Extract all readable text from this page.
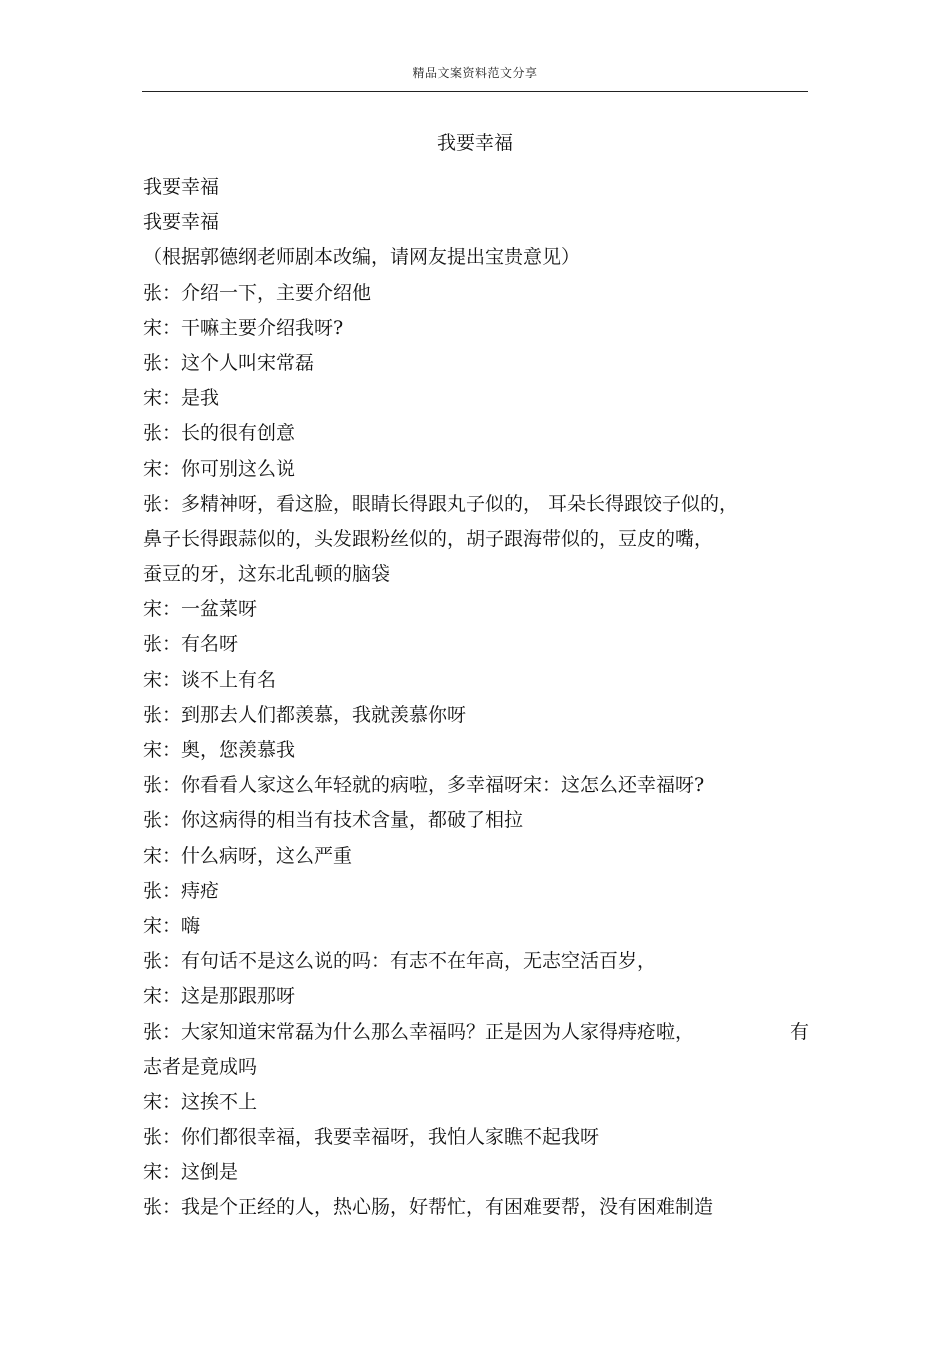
精品文案资料范文分享
我要幸福
我要幸福
我要幸福
（根据郭德纲老师剧本改编，请网友提出宝贵意见）
张：介绍一下，主要介绍他
宋：干嘛主要介绍我呀?
张：这个人叫宋常磊
宋：是我
张：长的很有创意
宋：你可别这么说
张：多精神呀，看这脸，眼睛长得跟丸子似的， 耳朵长得跟饺子似的，
鼻子长得跟蒜似的，头发跟粉丝似的，胡子跟海带似的，豆皮的嘴，
蚕豆的牙，这东北乱顿的脑袋
宋：一盆菜呀
张：有名呀
宋：谈不上有名
张：到那去人们都羡慕，我就羡慕你呀
宋：奥，您羡慕我
张：你看看人家这么年轻就的病啦，多幸福呀宋：这怎么还幸福呀?
张：你这病得的相当有技术含量，都破了相拉
宋：什么病呀，这么严重
张：痔疮
宋：嗨
张：有句话不是这么说的吗：有志不在年高，无志空活百岁，
宋：这是那跟那呀
张：大家知道宋常磊为什么那么幸福吗？正是因为人家得痔疮啦，	有
志者是竟成吗
宋：这挨不上
张：你们都很幸福，我要幸福呀，我怕人家瞧不起我呀
宋：这倒是
张：我是个正经的人，热心肠，好帮忙，有困难要帮，没有困难制造
